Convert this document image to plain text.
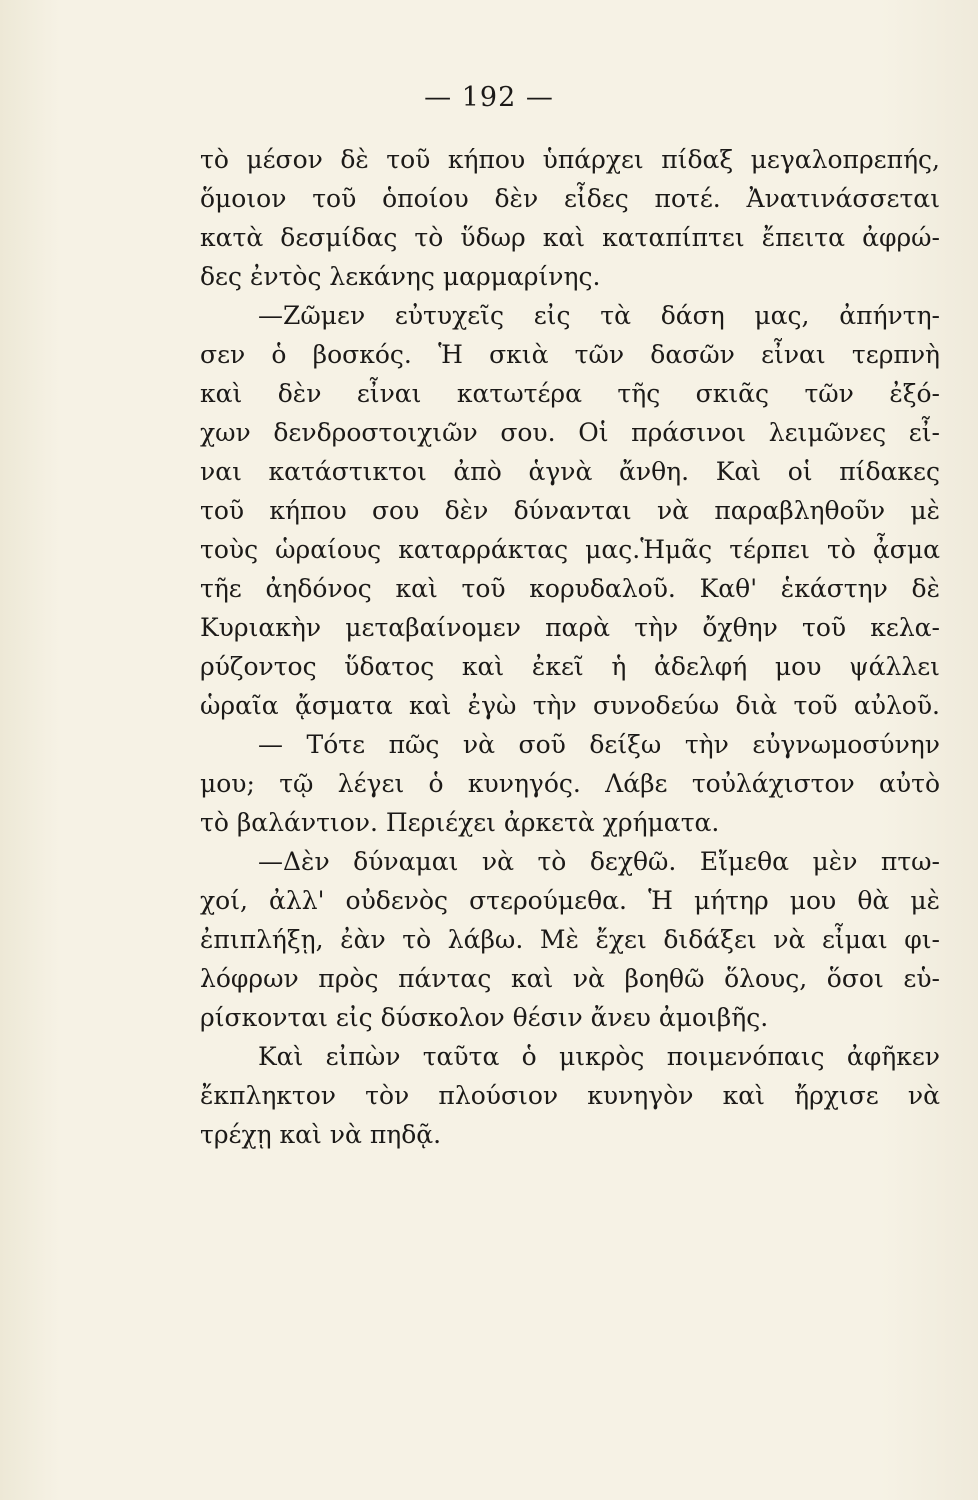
— 192 —
τὸ μέσον δὲ τοῦ κήπου ὑπάρχει πίδαξ μεγαλοπρεπής,
ὅμοιον τοῦ ὁποίου δὲν εἶδες ποτέ. Ἀνατινάσσεται
κατὰ δεσμίδας τὸ ὕδωρ καὶ καταπίπτει ἔπειτα ἀφρώ-
δες ἐντὸς λεκάνης μαρμαρίνης.
—Ζῶμεν εὐτυχεῖς εἰς τὰ δάση μας, ἀπήντη-
σεν ὁ βοσκός. Ἡ σκιὰ τῶν δασῶν εἶναι τερπνὴ
καὶ δὲν εἶναι κατωτέρα τῆς σκιᾶς τῶν ἐξό-
χων δενδροστοιχιῶν σου. Οἱ πράσινοι λειμῶνες εἶ-
ναι κατάστικτοι ἀπὸ ἁγνὰ ἄνθη. Καὶ οἱ πίδακες
τοῦ κήπου σου δὲν δύνανται νὰ παραβληθοῦν μὲ
τοὺς ὡραίους καταρράκτας μας.Ἡμᾶς τέρπει τὸ ᾆσμα
τῆε ἀηδόνος καὶ τοῦ κορυδαλοῦ. Καθ' ἑκάστην δὲ
Κυριακὴν μεταβαίνομεν παρὰ τὴν ὄχθην τοῦ κελα-
ρύζοντος ὕδατος καὶ ἐκεῖ ἡ ἀδελφή μου ψάλλει
ὡραῖα ᾄσματα καὶ ἐγὼ τὴν συνοδεύω διὰ τοῦ αὐλοῦ.
— Τότε πῶς νὰ σοῦ δείξω τὴν εὐγνωμοσύνην
μου; τῷ λέγει ὁ κυνηγός. Λάβε τοὐλάχιστον αὐτὸ
τὸ βαλάντιον. Περιέχει ἀρκετὰ χρήματα.
—Δὲν δύναμαι νὰ τὸ δεχθῶ. Εἴμεθα μὲν πτω-
χοί, ἀλλ' οὐδενὸς στερούμεθα. Ἡ μήτηρ μου θὰ μὲ
ἐπιπλήξῃ, ἐὰν τὸ λάβω. Μὲ ἔχει διδάξει νὰ εἶμαι φι-
λόφρων πρὸς πάντας καὶ νὰ βοηθῶ ὅλους, ὅσοι εὑ-
ρίσκονται εἰς δύσκολον θέσιν ἄνευ ἀμοιβῆς.
Καὶ εἰπὼν ταῦτα ὁ μικρὸς ποιμενόπαις ἀφῆκεν
ἔκπληκτον τὸν πλούσιον κυνηγὸν καὶ ἤρχισε νὰ
τρέχῃ καὶ νὰ πηδᾷ.
